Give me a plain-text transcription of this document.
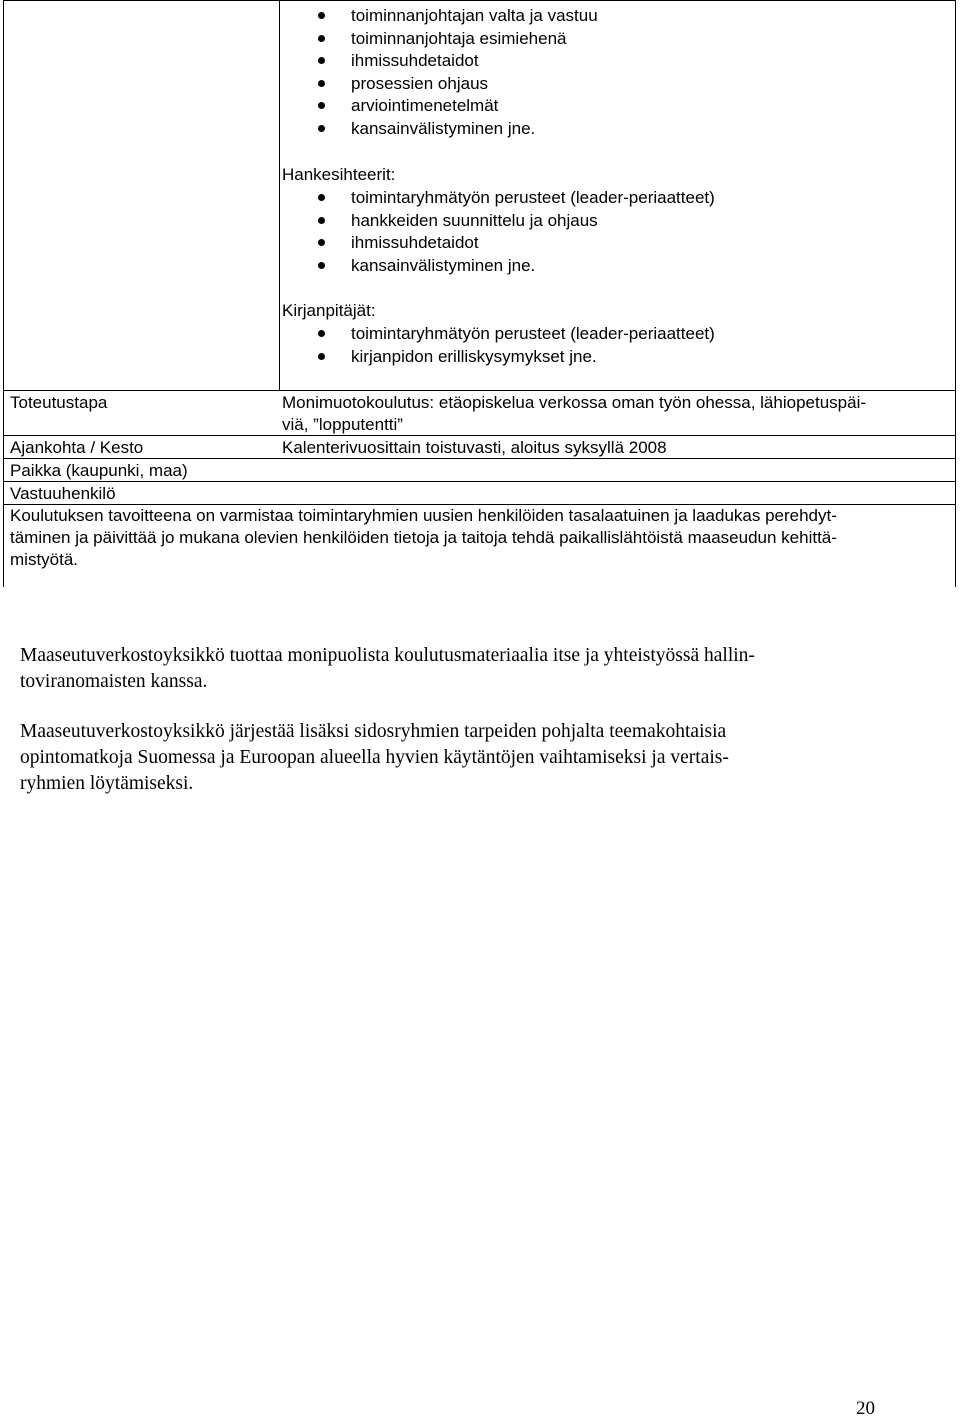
toiminnanjohtajan valta ja vastuu
toiminnanjohtaja esimiehenä
ihmissuhdetaidot
prosessien ohjaus
arviointimenetelmät
kansainvälistyminen jne.
Hankesihteerit:
toimintaryhmätyön perusteet (leader-periaatteet)
hankkeiden suunnittelu ja ohjaus
ihmissuhdetaidot
kansainvälistyminen jne.
Kirjanpitäjät:
toimintaryhmätyön perusteet (leader-periaatteet)
kirjanpidon erilliskysymykset jne.
Toteutustapa	Monimuotokoulutus: etäopiskelua verkossa oman työn ohessa, lähiopetuspäi-
viä, ”lopputentti”
Ajankohta / Kesto	Kalenterivuosittain toistuvasti, aloitus syksyllä 2008
Paikka (kaupunki, maa)
Vastuuhenkilö
Koulutuksen tavoitteena on varmistaa toimintaryhmien uusien henkilöiden tasalaatuinen ja laadukas perehdyt-
täminen ja päivittää jo mukana olevien henkilöiden tietoja ja taitoja tehdä paikallislähtöistä maaseudun kehittä-
mistyötä.
Maaseutuverkostoyksikkö tuottaa monipuolista koulutusmateriaalia itse ja yhteistyössä hallin-
toviranomaisten kanssa.
Maaseutuverkostoyksikkö järjestää lisäksi sidosryhmien tarpeiden pohjalta teemakohtaisia
opintomatkoja Suomessa ja Euroopan alueella hyvien käytäntöjen vaihtamiseksi ja vertais-
ryhmien löytämiseksi.
20
